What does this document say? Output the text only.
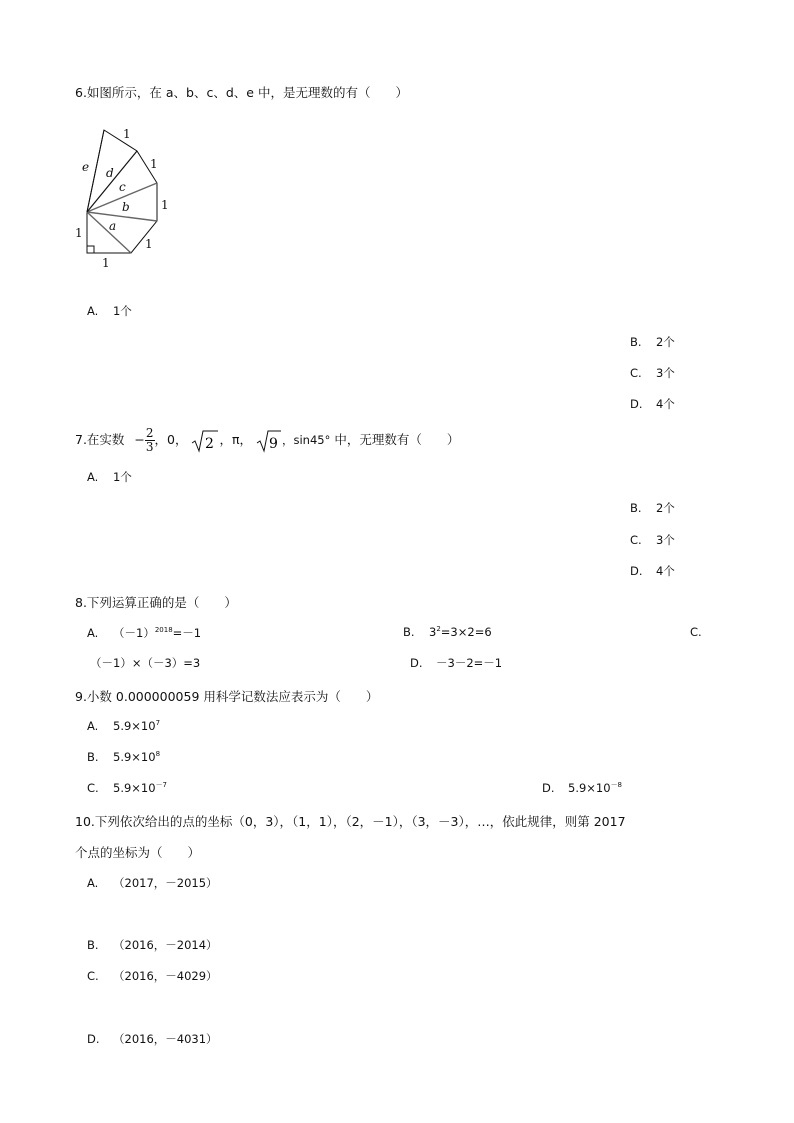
6.如图所示，在 a、b、c、d、e 中，是无理数的有（　　）
e d
c
b
a
1
1
1
1
1
1
A. 1个
B. 2个
C. 3个
D. 4个
7.在实数 − $\frac{2}{3}$ ，0， 2 ，π， 9 ，sin45° 中，无理数有（　　）
A. 1个
B. 2个
C. 3个
D. 4个
8.下列运算正确的是（　　）
A. $(-1)^{2018}=-1$	B. $3^2=3\times 2=6$	C.
（－1）×（－3）=3	D. －3－2=－1
9.小数 0.000000059 用科学记数法应表示为（　　）
A. $5.9\times 10^7$
B. $5.9\times 10^8$
C. $5.9\times 10^{-7}$	D. $5.9\times 10^{-8}$
10.下列依次给出的点的坐标（0，3），（1，1），（2，－1），（3，－3），…，依此规律，则第 2017
个点的坐标为（　　）
A. （2017，－2015）
B. （2016，－2014）
C. （2016，－4029）
D. （2016，－4031）
